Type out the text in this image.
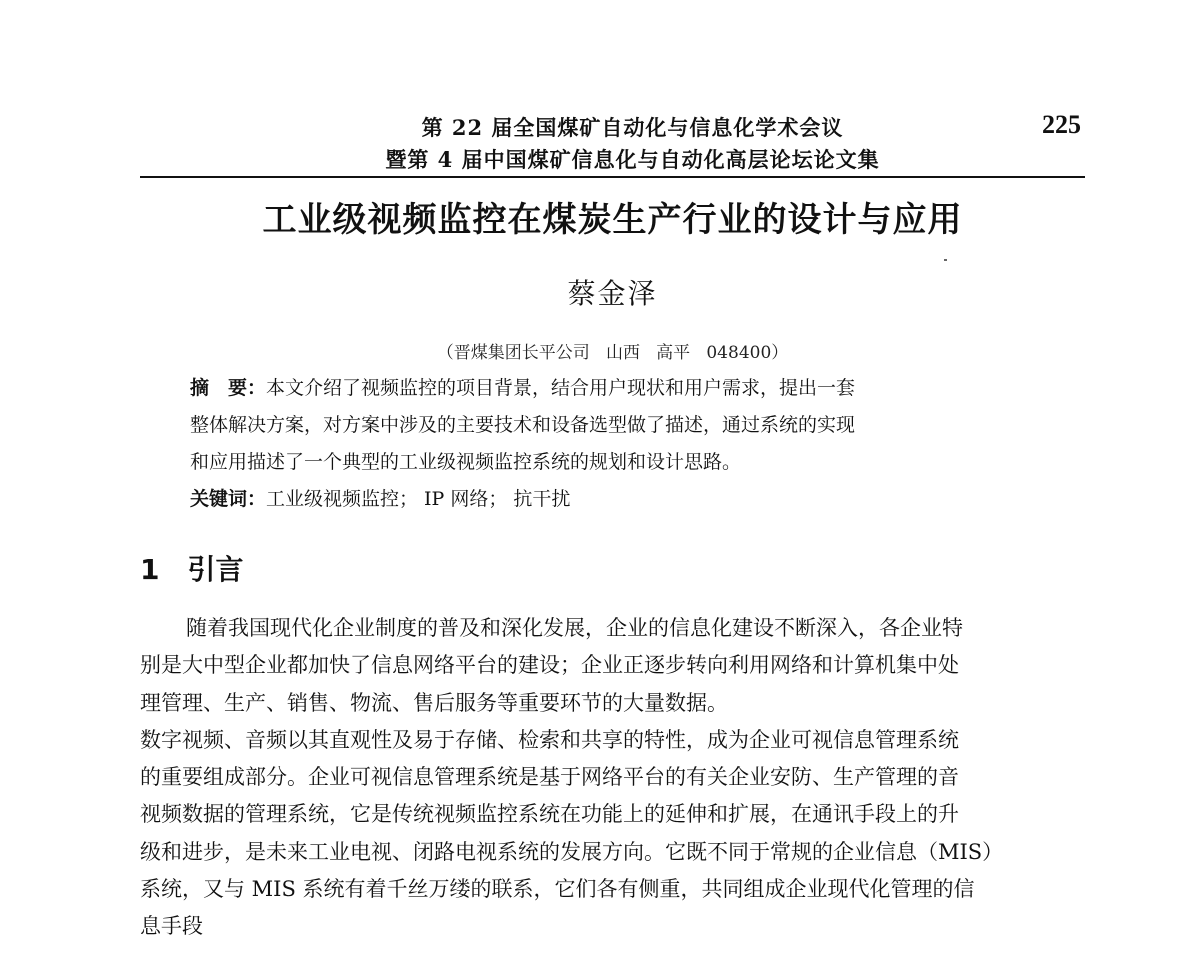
第 22 届全国煤矿自动化与信息化学术会议
暨第 4 届中国煤矿信息化与自动化高层论坛论文集
225
工业级视频监控在煤炭生产行业的设计与应用
蔡金泽
（晋煤集团长平公司   山西   高平   048400）

摘　要：本文介绍了视频监控的项目背景，结合用户现状和用户需求，提出一套

整体解决方案，对方案中涉及的主要技术和设备选型做了描述，通过系统的实现

和应用描述了一个典型的工业级视频监控系统的规划和设计思路。

关键词：工业级视频监控； IP 网络； 抗干扰

1 引言
随着我国现代化企业制度的普及和深化发展，企业的信息化建设不断深入，各企业特
别是大中型企业都加快了信息网络平台的建设；企业正逐步转向利用网络和计算机集中处
理管理、生产、销售、物流、售后服务等重要环节的大量数据。
数字视频、音频以其直观性及易于存储、检索和共享的特性，成为企业可视信息管理系统
的重要组成部分。企业可视信息管理系统是基于网络平台的有关企业安防、生产管理的音
视频数据的管理系统，它是传统视频监控系统在功能上的延伸和扩展，在通讯手段上的升
级和进步，是未来工业电视、闭路电视系统的发展方向。它既不同于常规的企业信息（MIS）
系统，又与 MIS 系统有着千丝万缕的联系，它们各有侧重，共同组成企业现代化管理的信
息手段
